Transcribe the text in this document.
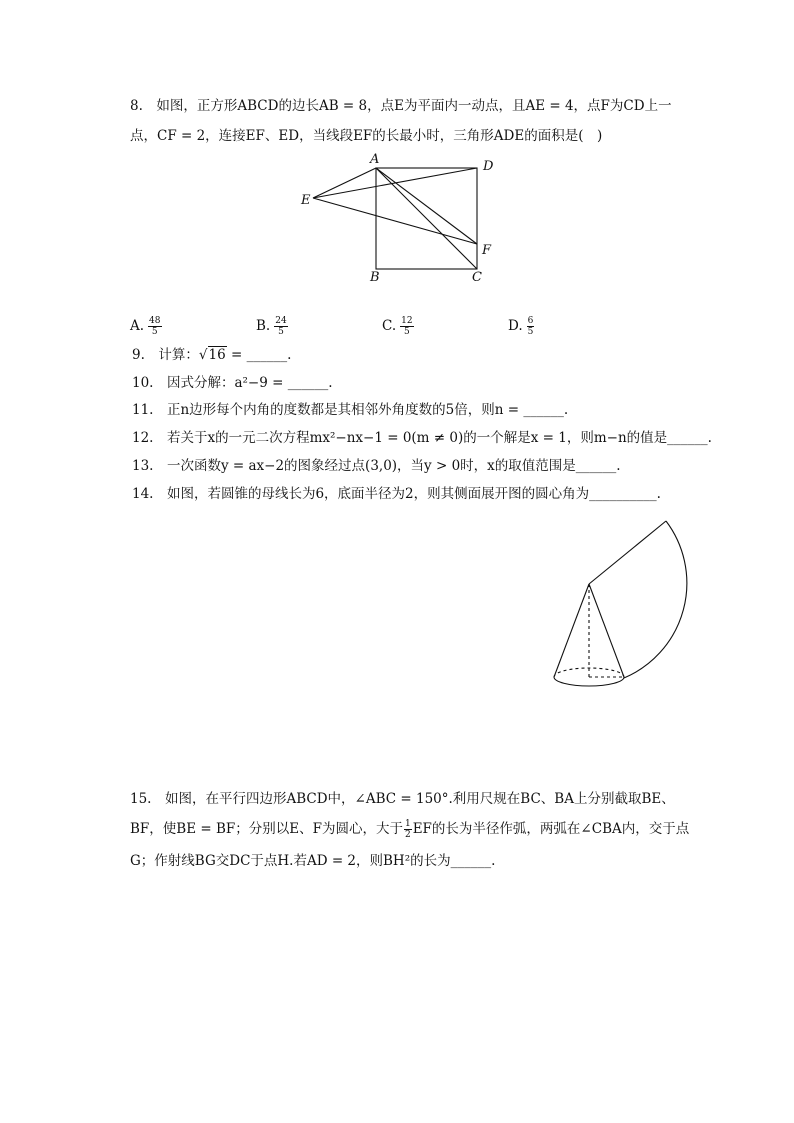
8.　如图，正方形ABCD的边长AB = 8，点E为平面内一动点，且AE = 4，点F为CD上一
点，CF = 2，连接EF、ED，当线段EF的长最小时，三角形ADE的面积是(　)
A	D
E
F
B	C
A. $\frac{48}{5}$	B. $\frac{24}{5}$	C. $\frac{12}{5}$	D. $\frac{6}{5}$
9.　计算：√16 = ______.
10.　因式分解：a²−9 = ______.
11.　正n边形每个内角的度数都是其相邻外角度数的5倍，则n = ______.
12.　若关于x的一元二次方程mx²−nx−1 = 0(m ≠ 0)的一个解是x = 1，则m−n的值是______.
13.　一次函数y = ax−2的图象经过点(3,0)，当y > 0时，x的取值范围是______.
14.　如图，若圆锥的母线长为6，底面半径为2，则其侧面展开图的圆心角为__________.
15.　如图，在平行四边形ABCD中，∠ABC = 150°.利用尺规在BC、BA上分别截取BE、
BF，使BE = BF；分别以E、F为圆心，大于 $\frac{1}{2}$ EF的长为半径作弧，两弧在∠CBA内，交于点
G；作射线BG交DC于点H.若AD = 2，则BH²的长为______.
